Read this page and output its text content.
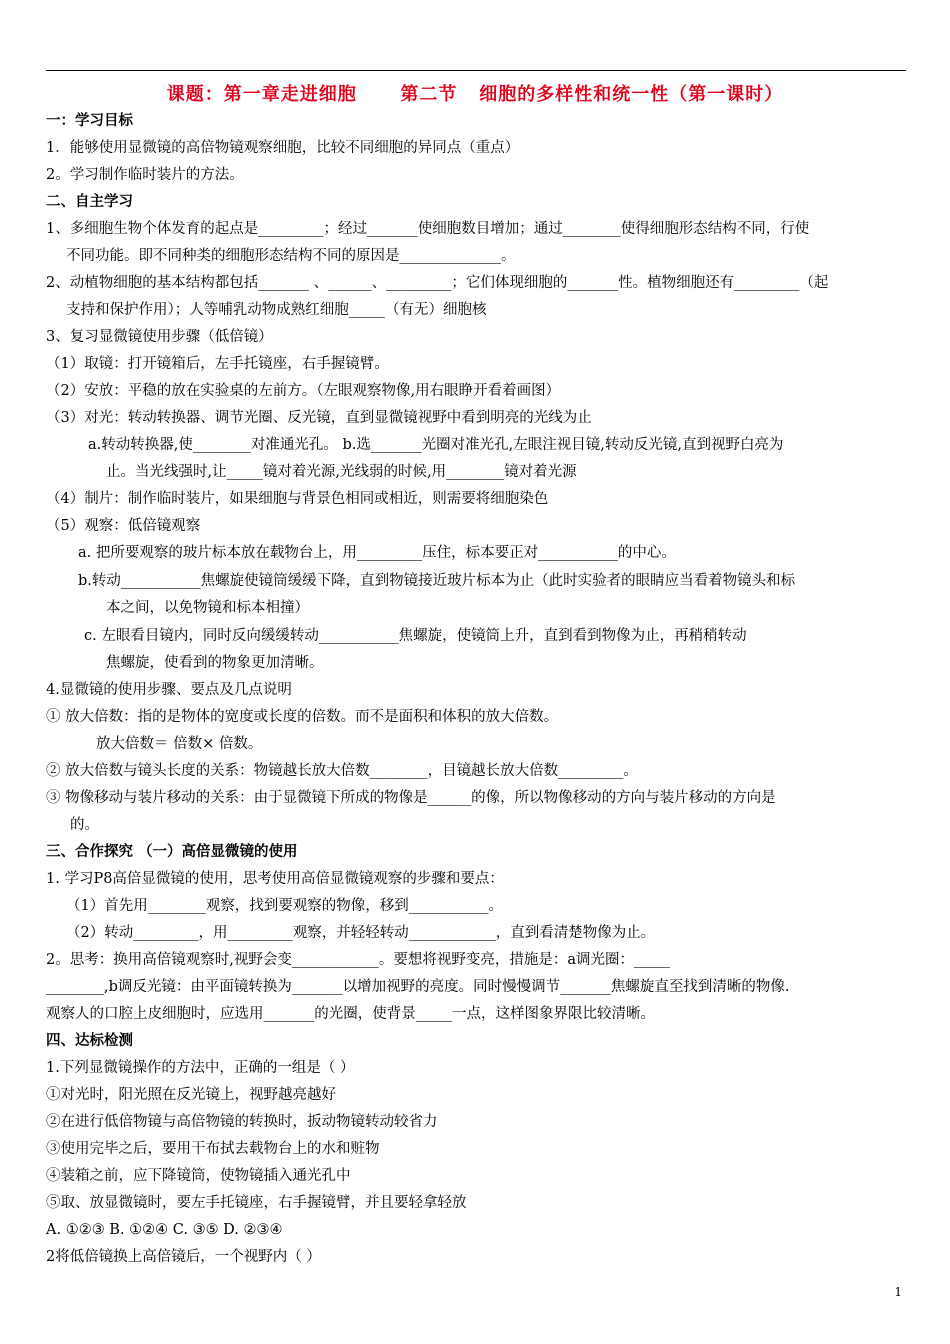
课题：第一章走进细胞      第二节   细胞的多样性和统一性（第一课时）
一：学习目标
1．能够使用显微镜的高倍物镜观察细胞，比较不同细胞的异同点（重点）
2。学习制作临时装片的方法。
二、自主学习
1、多细胞生物个体发育的起点是_________；经过_______使细胞数目增加；通过________使得细胞形态结构不同，行使
不同功能。即不同种类的细胞形态结构不同的原因是______________。
2、动植物细胞的基本结构都包括_______ 、______、_________；它们体现细胞的_______性。植物细胞还有_________（起
支持和保护作用）；人等哺乳动物成熟红细胞_____（有无）细胞核
3、复习显微镜使用步骤（低倍镜）
（1）取镜：打开镜箱后，左手托镜座，右手握镜臂。
（2）安放：平稳的放在实验桌的左前方。（左眼观察物像,用右眼睁开看着画图）
（3）对光：转动转换器、调节光圈、反光镜，直到显微镜视野中看到明亮的光线为止
a.转动转换器,使________对准通光孔。 b.选_______光圈对准光孔,左眼注视目镜,转动反光镜,直到视野白亮为
止。当光线强时,让_____镜对着光源,光线弱的时候,用________镜对着光源
（4）制片：制作临时装片，如果细胞与背景色相同或相近，则需要将细胞染色
（5）观察：低倍镜观察
a. 把所要观察的玻片标本放在载物台上，用_________压住，标本要正对___________的中心。
b.转动___________焦螺旋使镜筒缓缓下降，直到物镜接近玻片标本为止（此时实验者的眼睛应当看着物镜头和标
本之间，以免物镜和标本相撞）
c. 左眼看目镜内，同时反向缓缓转动___________焦螺旋，使镜筒上升，直到看到物像为止，再稍稍转动
焦螺旋，使看到的物象更加清晰。
4.显微镜的使用步骤、要点及几点说明
① 放大倍数：指的是物体的宽度或长度的倍数。而不是面积和体积的放大倍数。
放大倍数＝ 倍数× 倍数。
② 放大倍数与镜头长度的关系：物镜越长放大倍数________，目镜越长放大倍数_________。
③ 物像移动与装片移动的关系：由于显微镜下所成的物像是______的像，所以物像移动的方向与装片移动的方向是
的。
三、合作探究 （一）高倍显微镜的使用
1. 学习P8高倍显微镜的使用，思考使用高倍显微镜观察的步骤和要点：
（1）首先用________观察，找到要观察的物像，移到___________。
（2）转动_________，用_________观察，并轻轻转动____________，直到看清楚物像为止。
2。思考：换用高倍镜观察时,视野会变____________。要想将视野变亮，措施是：a调光圈：_____
________,b调反光镜：由平面镜转换为_______以增加视野的亮度。同时慢慢调节_______焦螺旋直至找到清晰的物像.
观察人的口腔上皮细胞时，应选用_______的光圈，使背景_____一点，这样图象界限比较清晰。
四、达标检测
1.下列显微镜操作的方法中，正确的一组是（ ）
①对光时，阳光照在反光镜上，视野越亮越好
②在进行低倍物镜与高倍物镜的转换时，扳动物镜转动较省力
③使用完毕之后，要用干布拭去载物台上的水和赃物
④装箱之前，应下降镜筒，使物镜插入通光孔中
⑤取、放显微镜时，要左手托镜座，右手握镜臂，并且要轻拿轻放
A. ①②③ B. ①②④ C. ③⑤ D. ②③④
2将低倍镜换上高倍镜后，一个视野内（ ）
1
